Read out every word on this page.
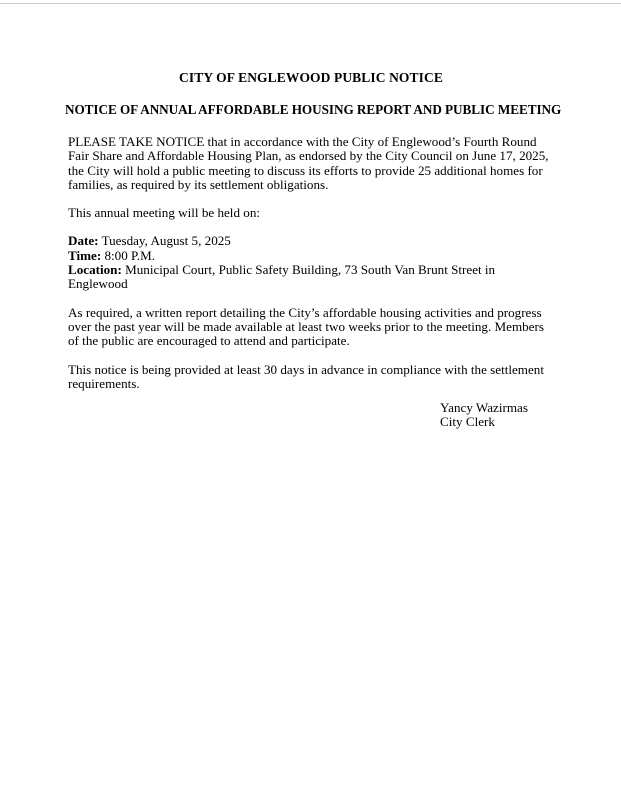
CITY OF ENGLEWOOD PUBLIC NOTICE
NOTICE OF ANNUAL AFFORDABLE HOUSING REPORT AND PUBLIC MEETING

PLEASE TAKE NOTICE that in accordance with the City of Englewood’s Fourth Round Fair Share and Affordable Housing Plan, as endorsed by the City Council on June 17, 2025, the City will hold a public meeting to discuss its efforts to provide 25 additional homes for families, as required by its settlement obligations.

This annual meeting will be held on:

Date: Tuesday, August 5, 2025
Time: 8:00 P.M.
Location: Municipal Court, Public Safety Building, 73 South Van Brunt Street in Englewood

As required, a written report detailing the City’s affordable housing activities and progress over the past year will be made available at least two weeks prior to the meeting. Members of the public are encouraged to attend and participate.

This notice is being provided at least 30 days in advance in compliance with the settlement requirements.

Yancy Wazirmas
City Clerk
